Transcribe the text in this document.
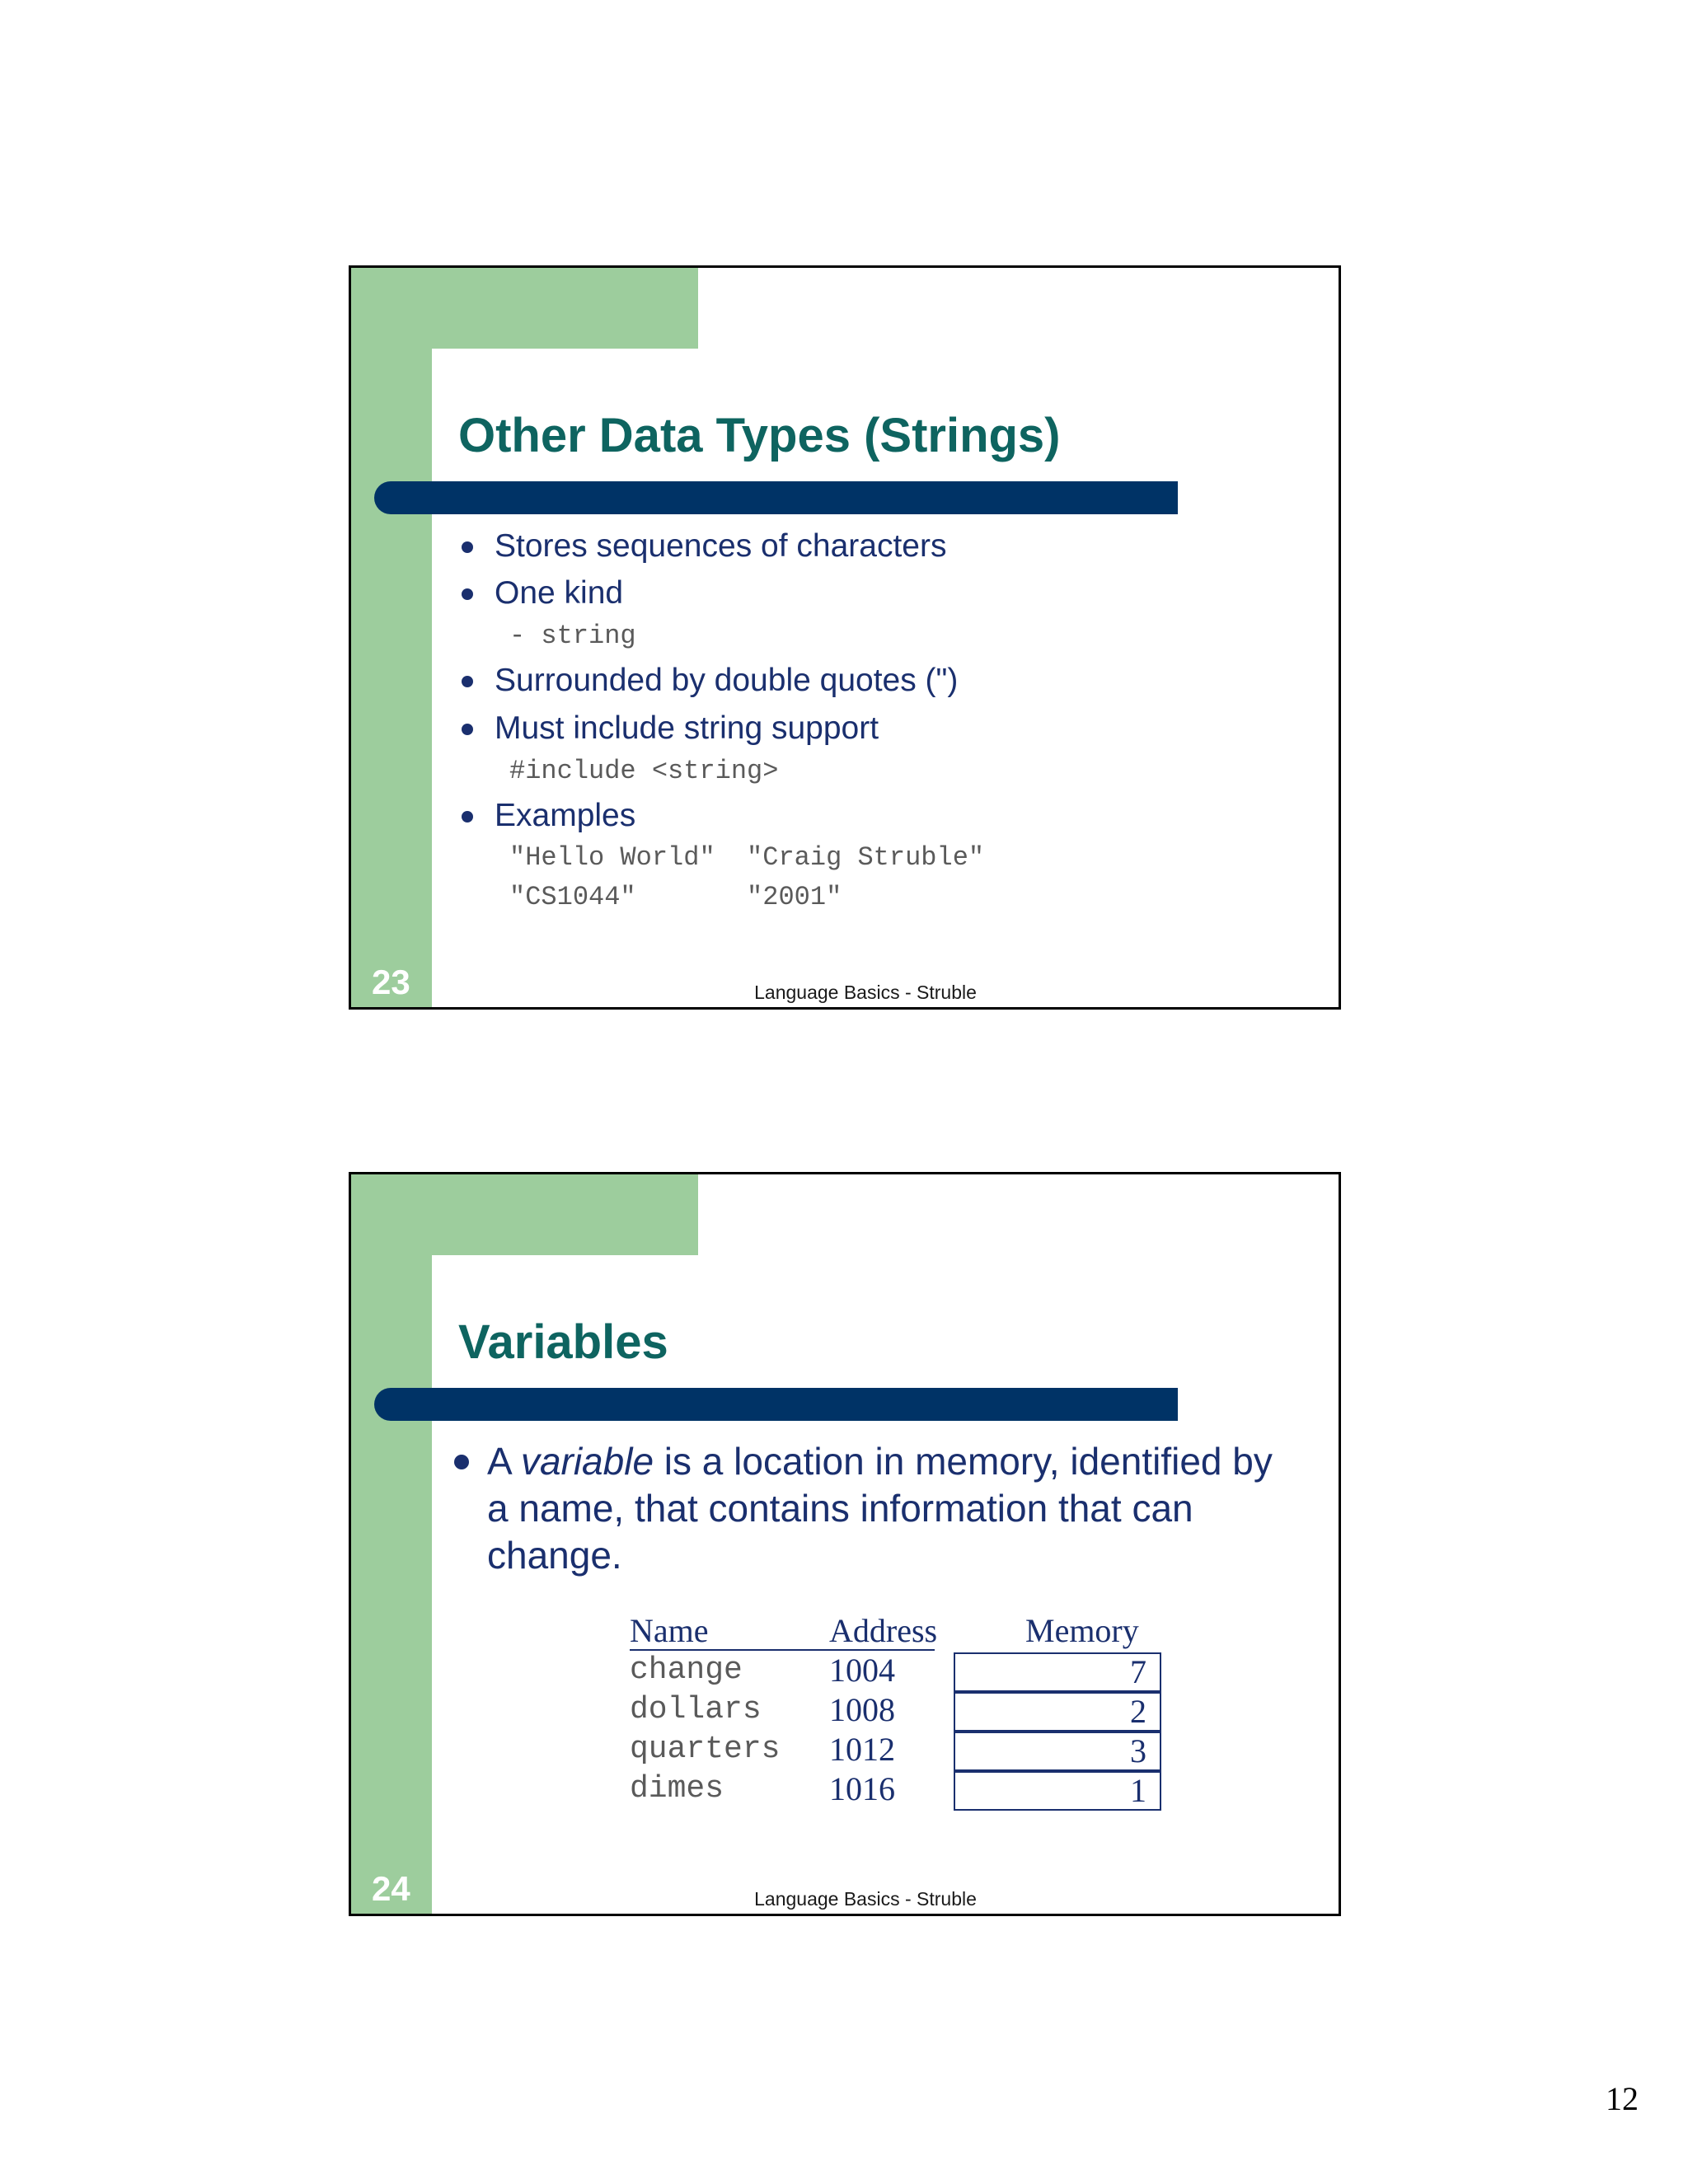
Other Data Types (Strings)
Stores sequences of characters
One kind
- string
Surrounded by double quotes (")
Must include string support
#include <string>
Examples
"Hello World"  "Craig Struble"
"CS1044"       "2001"
23	Language Basics - Struble
Variables
A variable is a location in memory, identified by a name, that contains information that can change.
Name	Address	Memory
change	1004	7
dollars 1008	2
quarters 1012	3
dimes	1016	1
24	Language Basics - Struble
12
